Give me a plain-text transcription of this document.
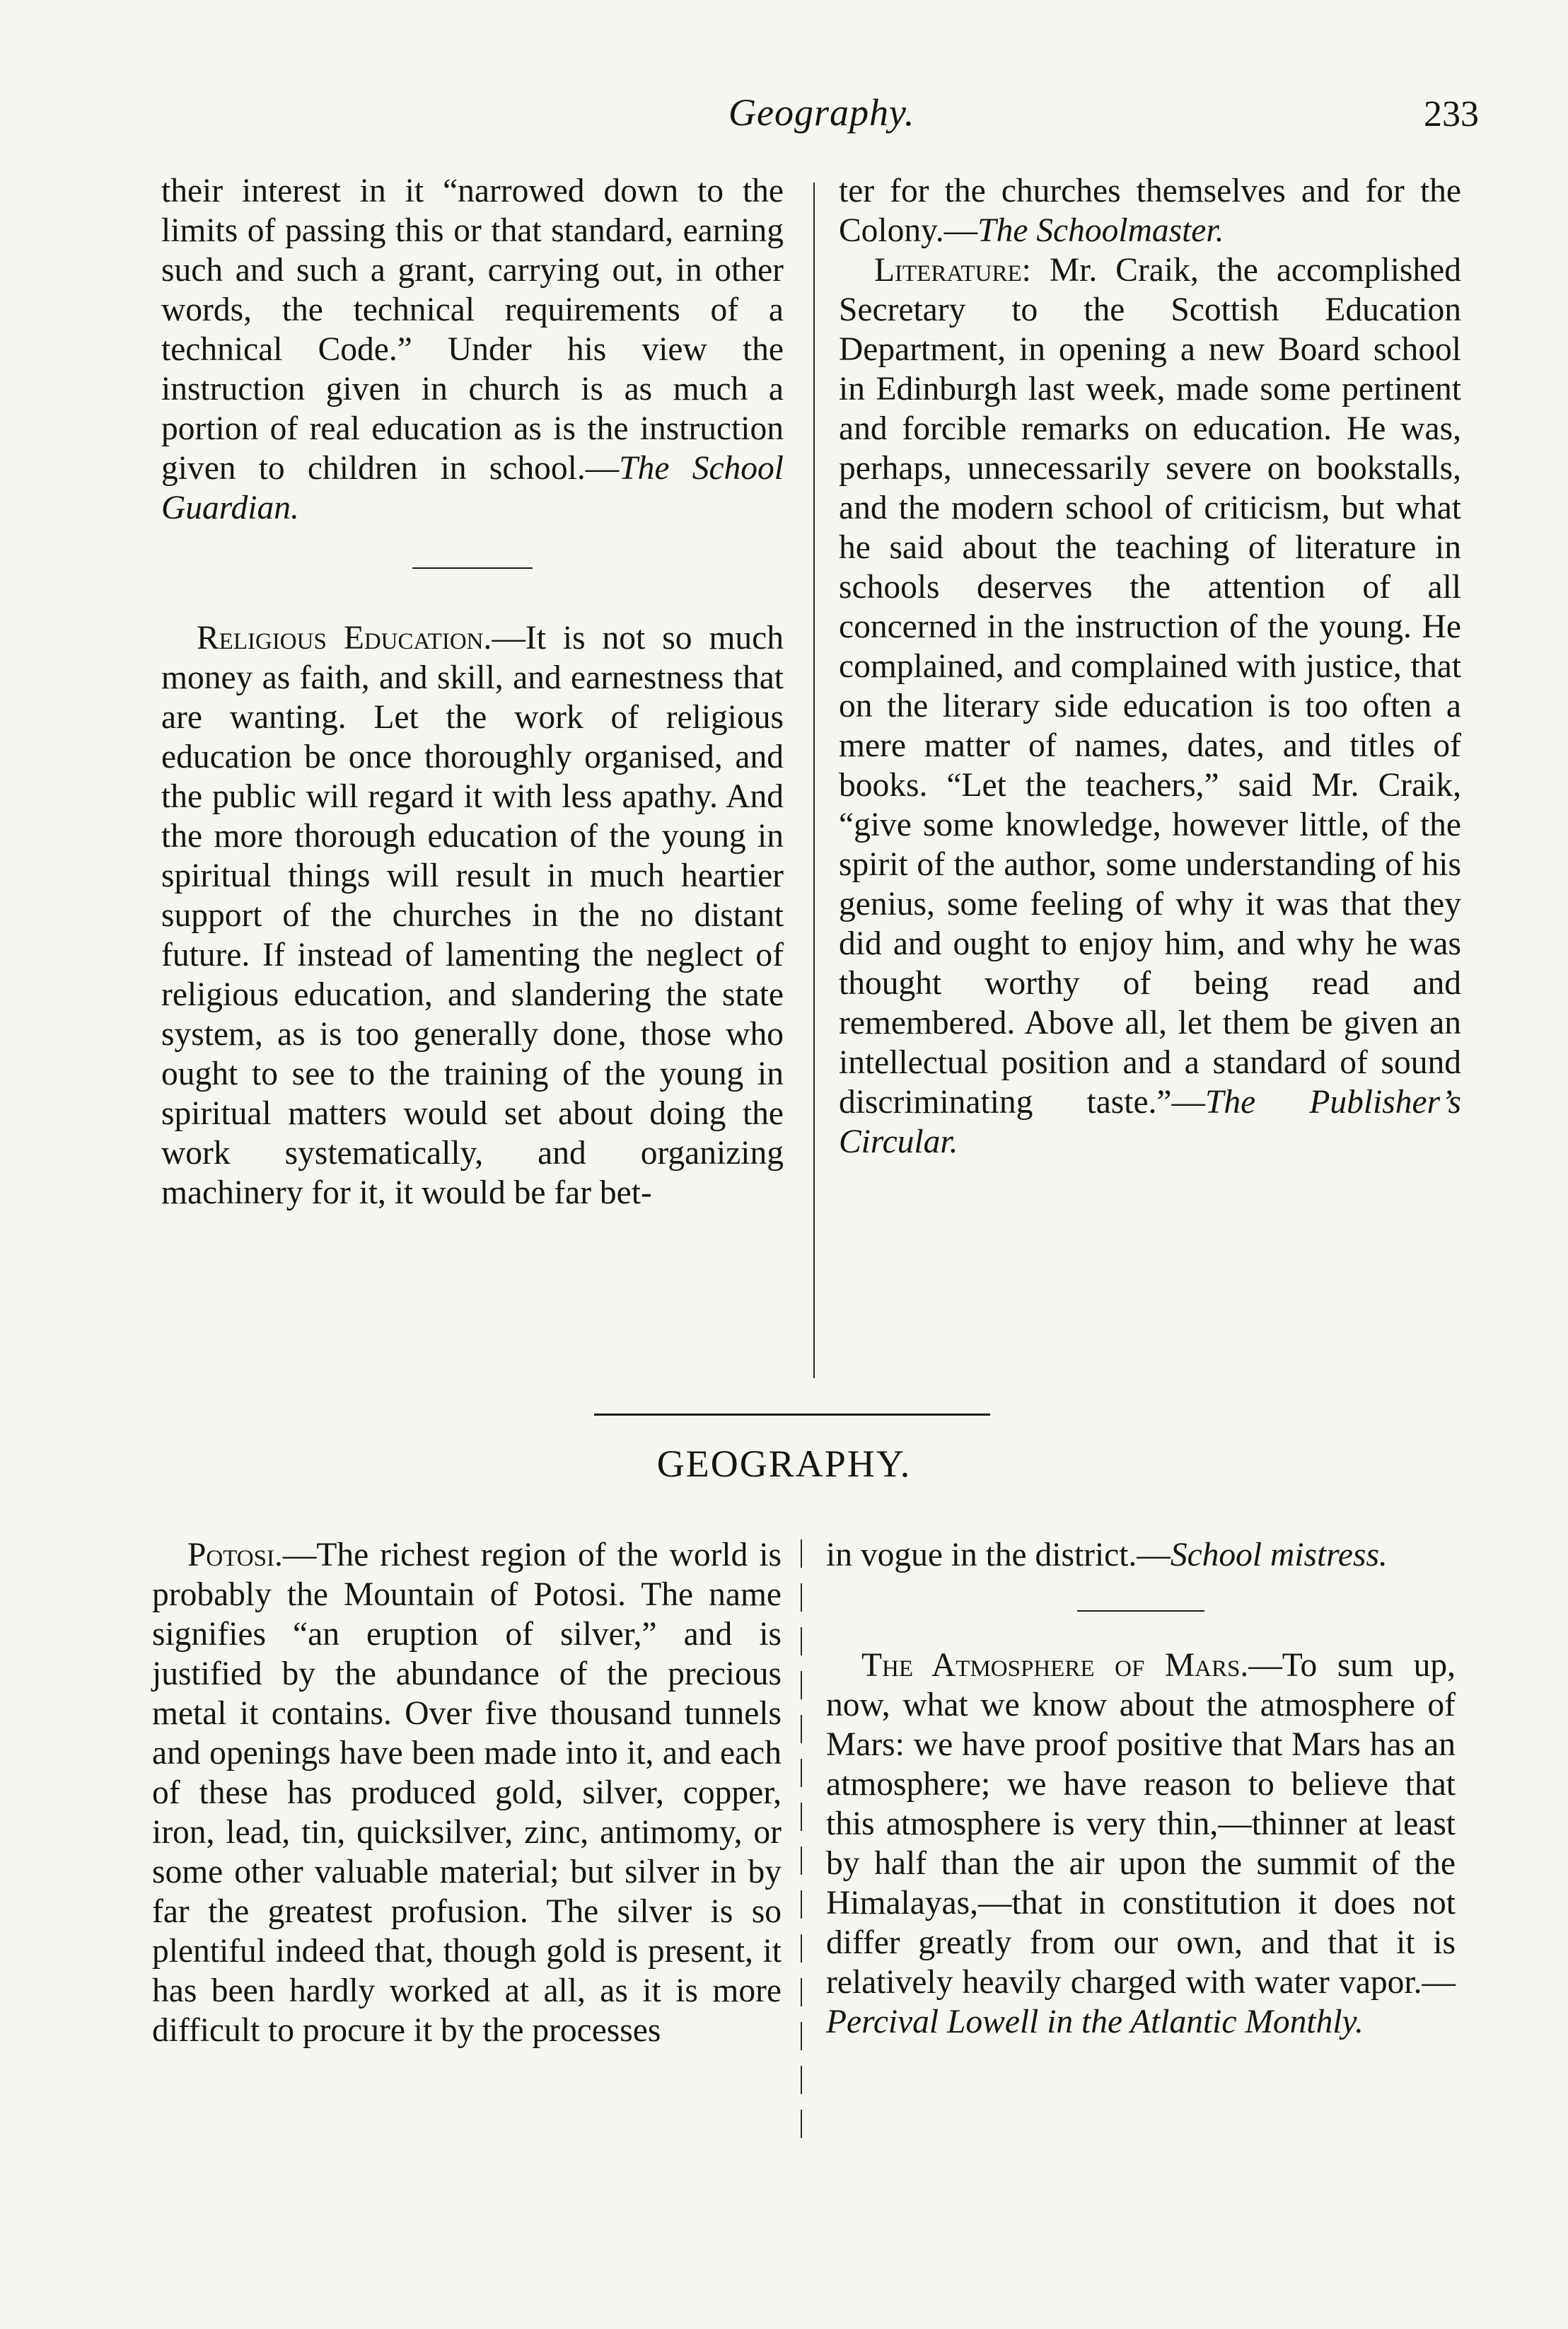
Geography.	233

their interest in it “narrowed down to the limits of passing this or that standard, earning such and such a grant, carrying out, in other words, the technical requirements of a technical Code.” Under his view the instruction given in church is as much a portion of real education as is the instruction given to children in school.—The School Guardian.

Religious Education.—It is not so much money as faith, and skill, and earnestness that are wanting. Let the work of religious education be once thoroughly organised, and the public will regard it with less apathy. And the more thorough education of the young in spiritual things will result in much heartier support of the churches in the no distant future. If instead of lamenting the neglect of religious education, and slandering the state system, as is too generally done, those who ought to see to the training of the young in spiritual matters would set about doing the work systematically, and organizing machinery for it, it would be far bet-

ter for the churches themselves and for the Colony.—The Schoolmaster.

Literature: Mr. Craik, the accomplished Secretary to the Scottish Education Department, in opening a new Board school in Edinburgh last week, made some pertinent and forcible remarks on education. He was, perhaps, unnecessarily severe on bookstalls, and the modern school of criticism, but what he said about the teaching of literature in schools deserves the attention of all concerned in the instruction of the young. He complained, and complained with justice, that on the literary side education is too often a mere matter of names, dates, and titles of books. “Let the teachers,” said Mr. Craik, “give some knowledge, however little, of the spirit of the author, some understanding of his genius, some feeling of why it was that they did and ought to enjoy him, and why he was thought worthy of being read and remembered. Above all, let them be given an intellectual position and a standard of sound discriminating taste.”—The Publisher’s Circular.

GEOGRAPHY.

Potosi.—The richest region of the world is probably the Mountain of Potosi. The name signifies “an eruption of silver,” and is justified by the abundance of the precious metal it contains. Over five thousand tunnels and openings have been made into it, and each of these has produced gold, silver, copper, iron, lead, tin, quicksilver, zinc, antimomy, or some other valuable material; but silver in by far the greatest profusion. The silver is so plentiful indeed that, though gold is present, it has been hardly worked at all, as it is more difficult to procure it by the processes

in vogue in the district.—School mistress.

The Atmosphere of Mars.—To sum up, now, what we know about the atmosphere of Mars: we have proof positive that Mars has an atmosphere; we have reason to believe that this atmosphere is very thin,—thinner at least by half than the air upon the summit of the Himalayas,—that in constitution it does not differ greatly from our own, and that it is relatively heavily charged with water vapor.—Percival Lowell in the Atlantic Monthly.
